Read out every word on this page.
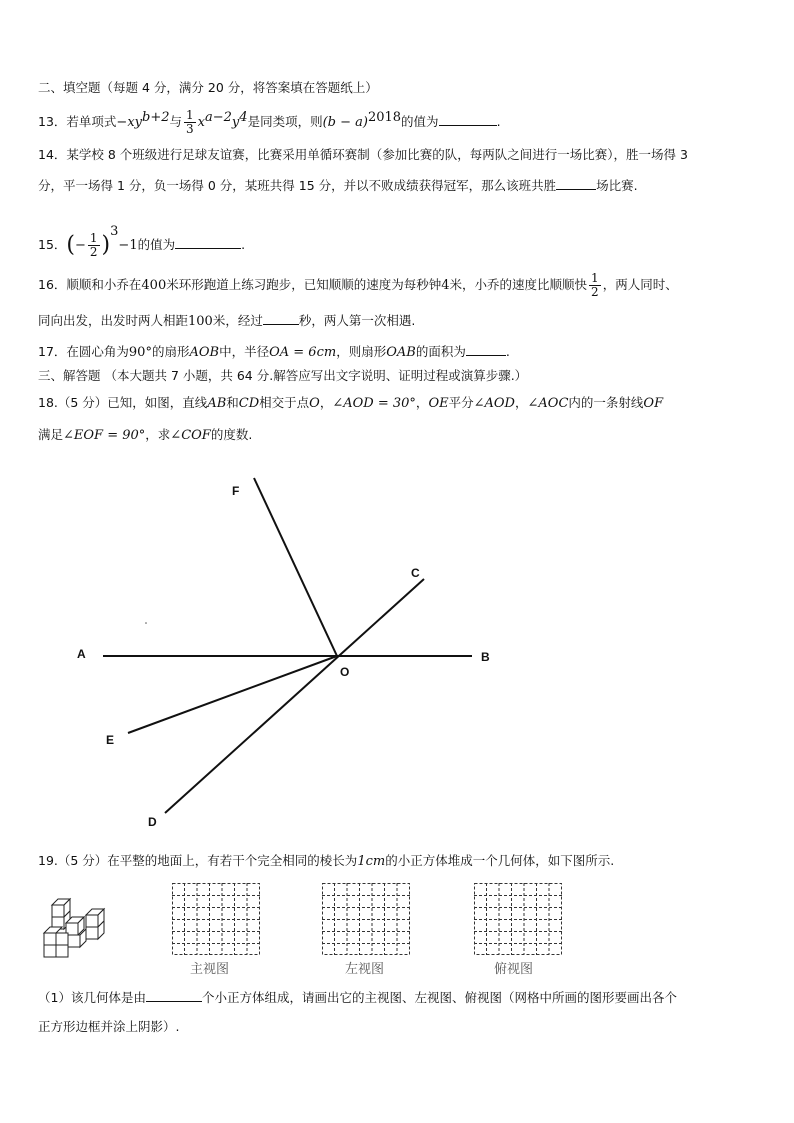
二、填空题（每题 4 分，满分 20 分，将答案填在答题纸上）
13．若单项式$-xy^{b+2}$与 $\frac{1}{3} x^{a-2}y^4$是同类项，则$(b - a)^{2018}$的值为	.
14．某学校 8 个班级进行足球友谊赛，比赛采用单循环赛制（参加比赛的队，每两队之间进行一场比赛），胜一场得 3
分，平一场得 1 分，负一场得 0 分，某班共得 15 分，并以不败成绩获得冠军，那么该班共胜	场比赛.
15．(− $\frac{1}{2} )^3-1$的值为	.
16．顺顺和小乔在400米环形跑道上练习跑步，已知顺顺的速度为每秒钟4米，小乔的速度比顺顺快 $\frac{1}{2}$ ，两人同时、
同向出发，出发时两人相距100米，经过	秒，两人第一次相遇.
17．在圆心角为90°的扇形AOB中，半径OA = 6cm，则扇形OAB的面积为	.
三、解答题 （本大题共 7 小题，共 64 分.解答应写出文字说明、证明过程或演算步骤.）
18.（5 分）已知，如图，直线AB和CD相交于点O，∠AOD = 30°，OE平分∠AOD，∠AOC内的一条射线OF
满足∠EOF = 90°，求∠COF的度数.
F
C
A	B
O
E
D
19.（5 分）在平整的地面上，有若干个完全相同的棱长为1cm的小正方体堆成一个几何体，如下图所示.
主视图	左视图	俯视图
（1）该几何体是由	个小正方体组成，请画出它的主视图、左视图、俯视图（网格中所画的图形要画出各个
正方形边框并涂上阴影）.
